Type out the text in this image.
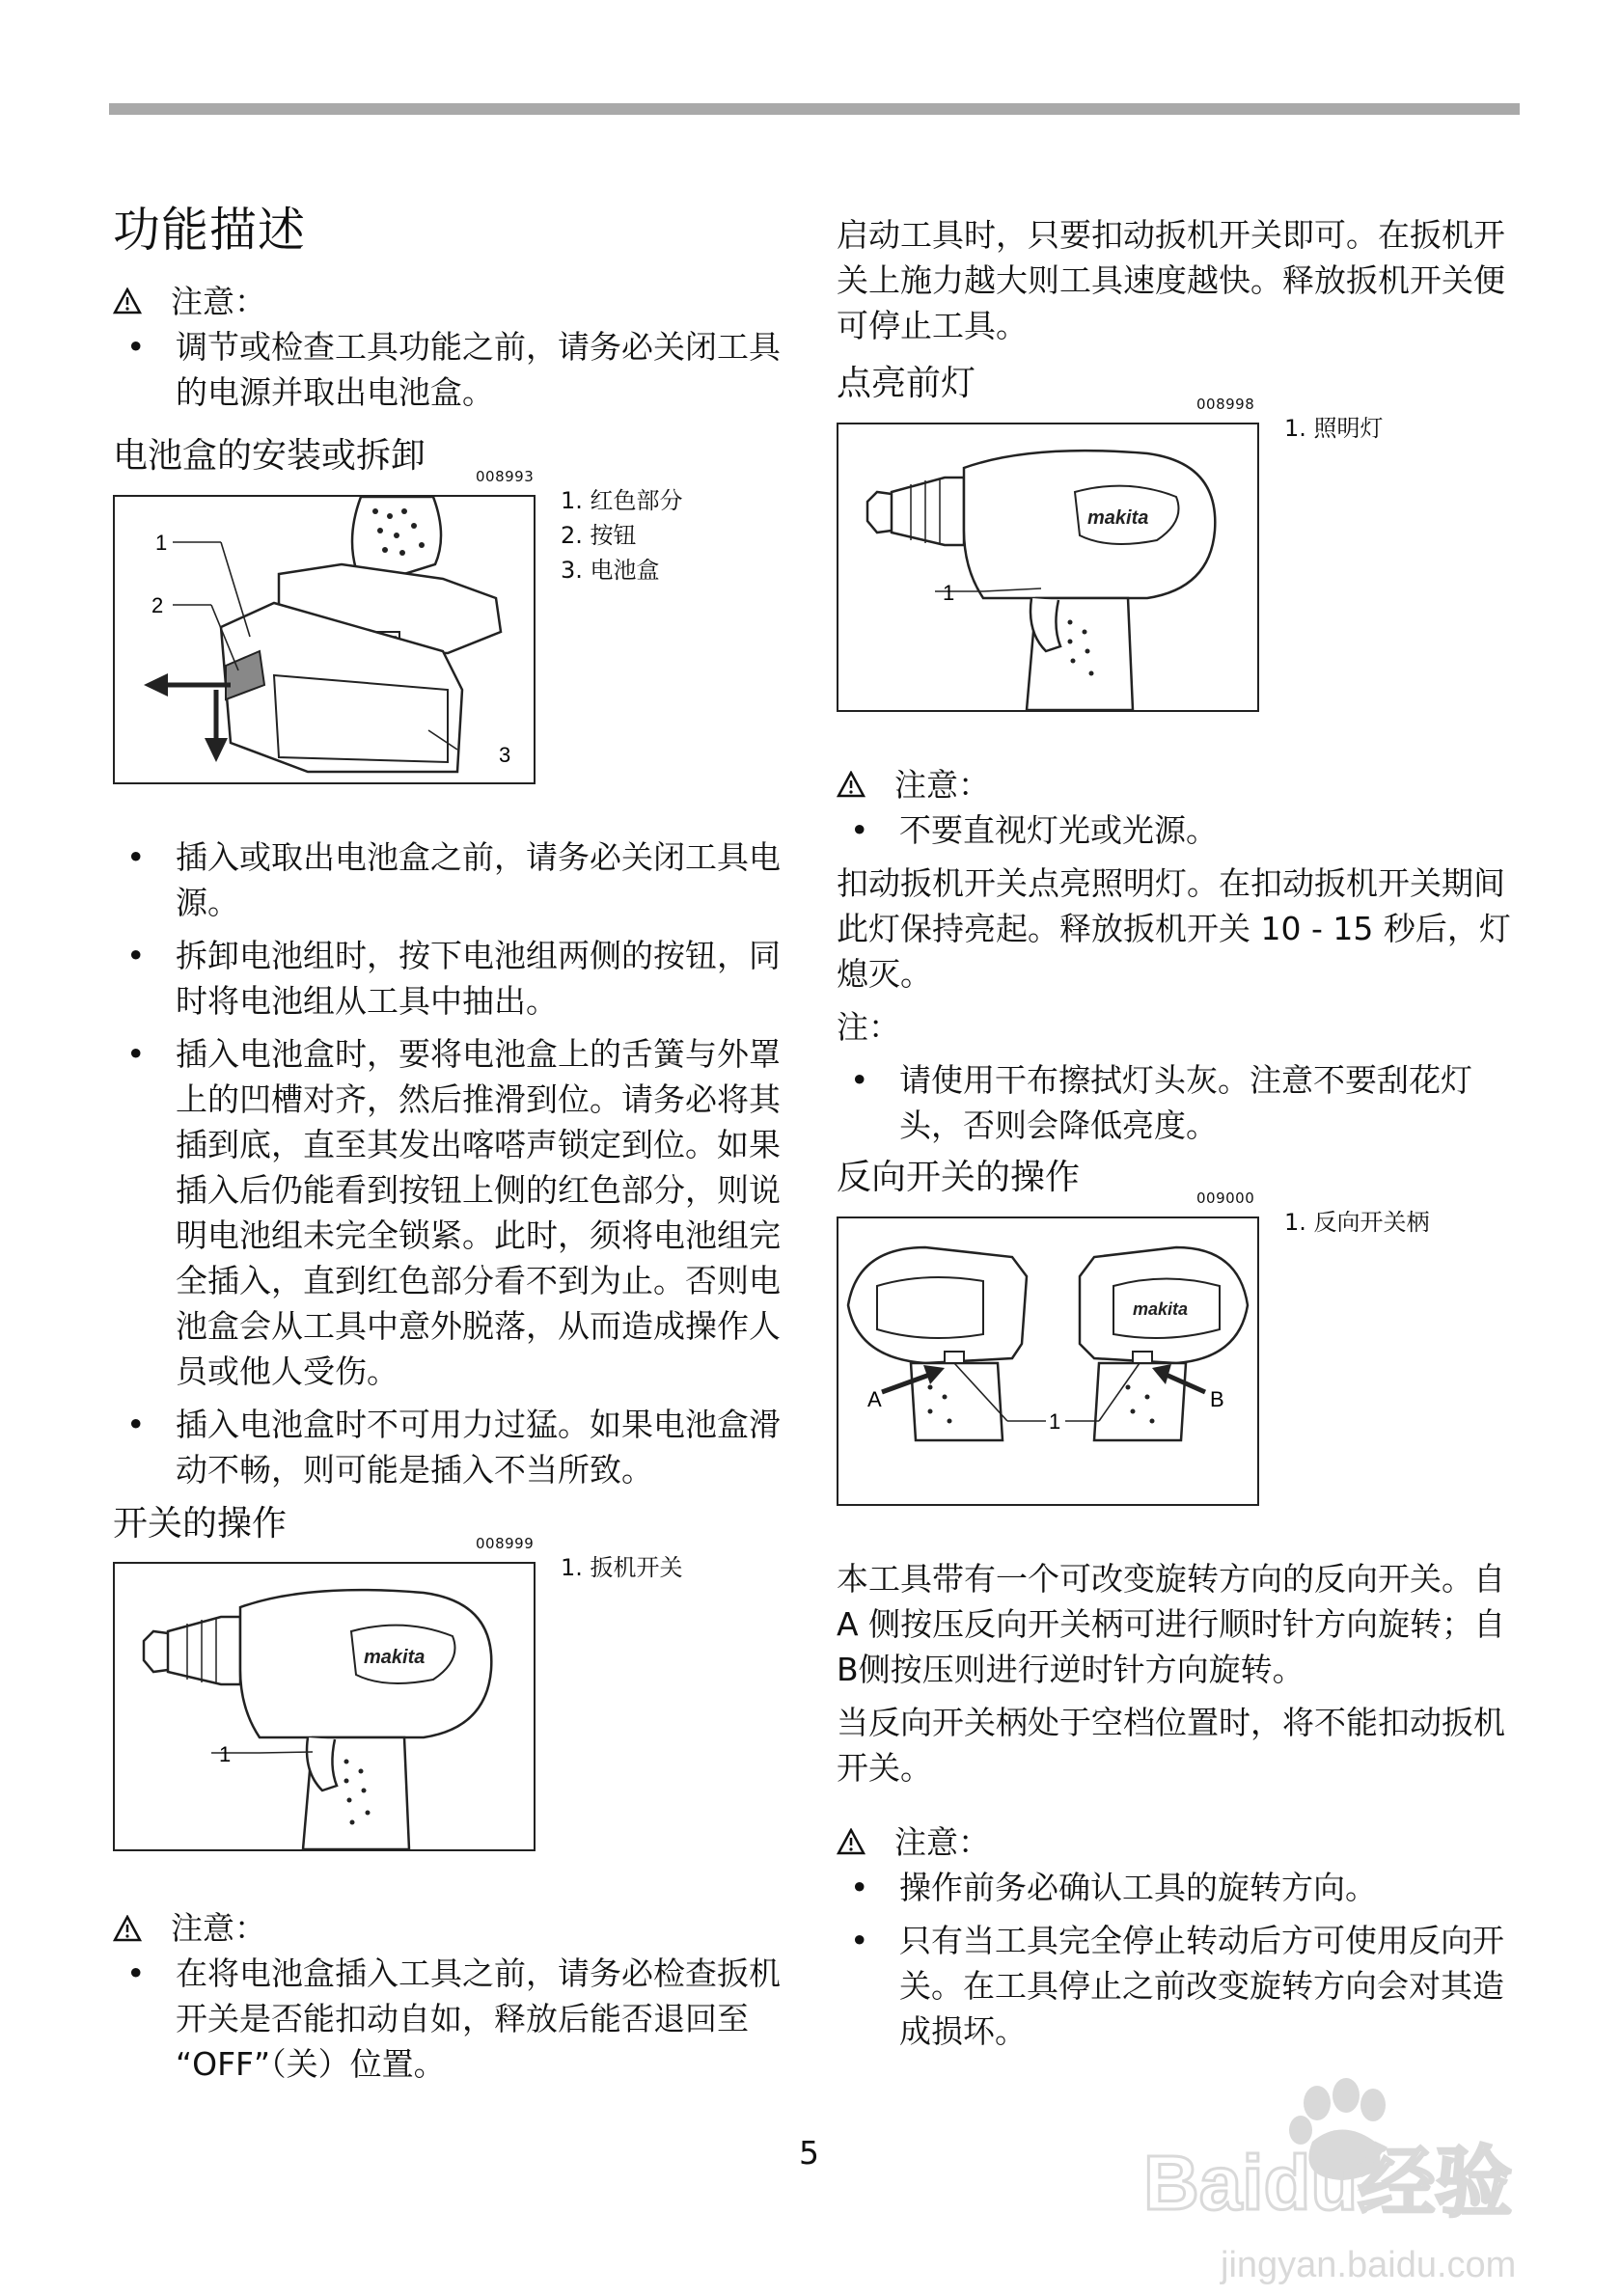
功能描述
注意：
• 调节或检查工具功能之前，请务必关闭工具的电源并取出电池盒。
电池盒的安装或拆卸
008993
1
2
3
1. 红色部分
2. 按钮
3. 电池盒
• 插入或取出电池盒之前，请务必关闭工具电源。
• 拆卸电池组时，按下电池组两侧的按钮，同时将电池组从工具中抽出。
• 插入电池盒时，要将电池盒上的舌簧与外罩上的凹槽对齐，然后推滑到位。请务必将其插到底，直至其发出喀嗒声锁定到位。如果插入后仍能看到按钮上侧的红色部分，则说明电池组未完全锁紧。此时，须将电池组完全插入，直到红色部分看不到为止。否则电池盒会从工具中意外脱落，从而造成操作人员或他人受伤。
• 插入电池盒时不可用力过猛。如果电池盒滑动不畅，则可能是插入不当所致。
开关的操作
008999
makita
1
1. 扳机开关
注意：
• 在将电池盒插入工具之前，请务必检查扳机开关是否能扣动自如，释放后能否退回至 “OFF”（关）位置。

启动工具时，只要扣动扳机开关即可。在扳机开关上施力越大则工具速度越快。释放扳机开关便可停止工具。

点亮前灯
008998
makita
1
1. 照明灯
注意：
• 不要直视灯光或光源。

扣动扳机开关点亮照明灯。在扣动扳机开关期间此灯保持亮起。释放扳机开关 10 - 15 秒后，灯熄灭。

注：
• 请使用干布擦拭灯头灰。注意不要刮花灯头，否则会降低亮度。
反向开关的操作
009000
makita
A
1
B
1. 反向开关柄

本工具带有一个可改变旋转方向的反向开关。自 A 侧按压反向开关柄可进行顺时针方向旋转；自B侧按压则进行逆时针方向旋转。

当反向开关柄处于空档位置时，将不能扣动扳机开关。

注意：
• 操作前务必确认工具的旋转方向。
• 只有当工具完全停止转动后方可使用反向开关。在工具停止之前改变旋转方向会对其造成损坏。
5	Baidu经验
jingyan.baidu.com
